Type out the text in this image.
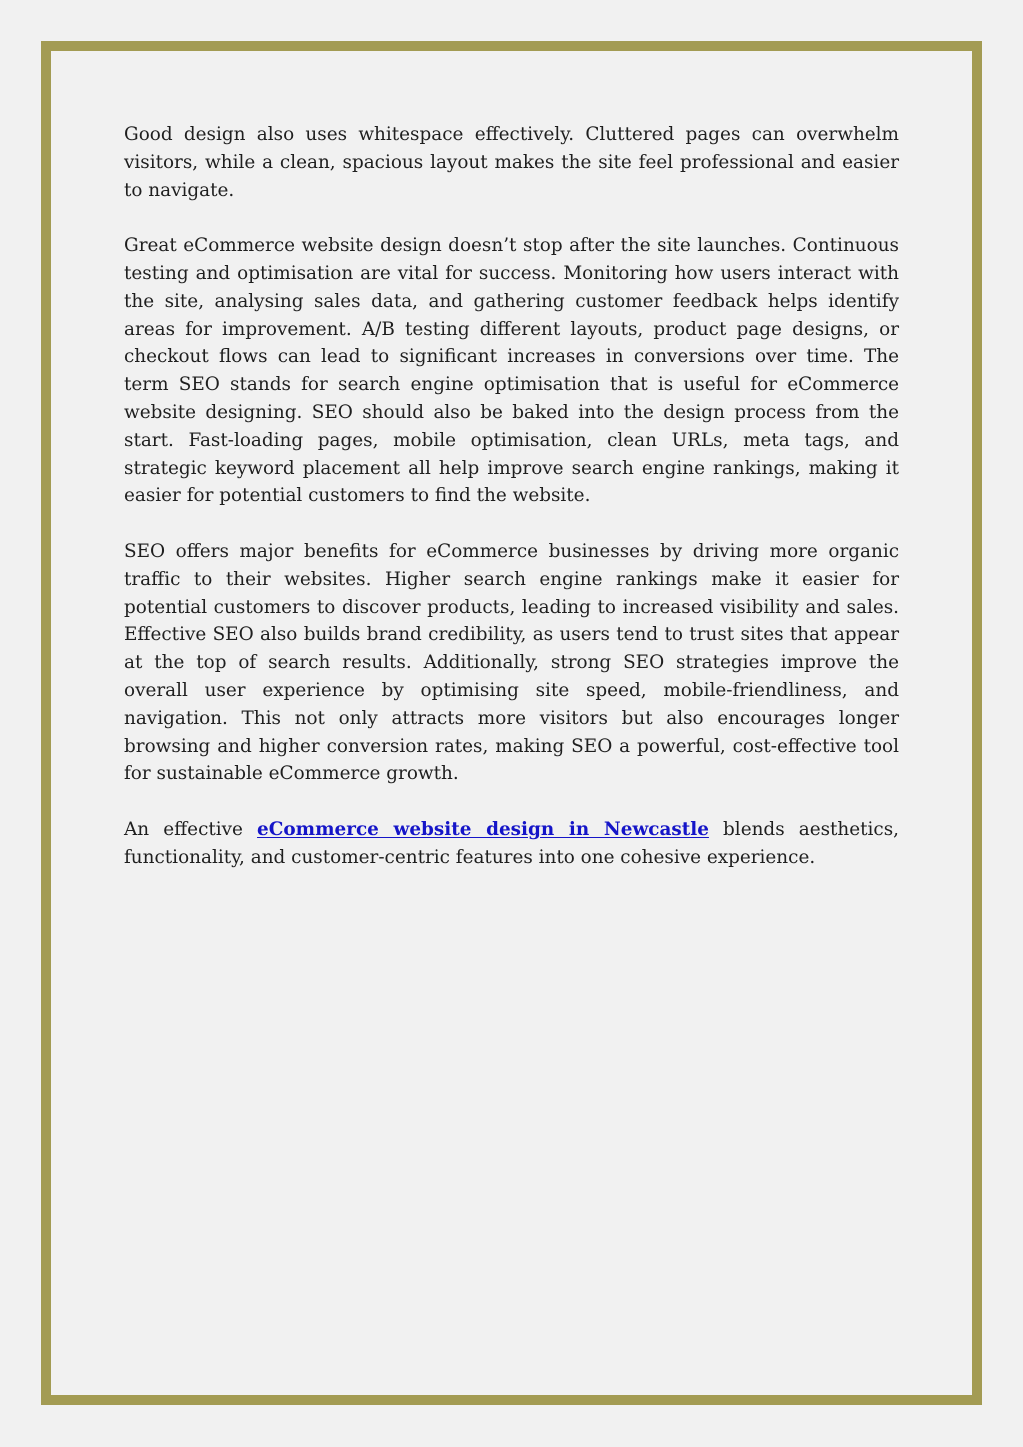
Good design also uses whitespace effectively. Cluttered pages can overwhelm visitors, while a clean, spacious layout makes the site feel professional and easier to navigate.

Great eCommerce website design doesn’t stop after the site launches. Continuous testing and optimisation are vital for success. Monitoring how users interact with the site, analysing sales data, and gathering customer feedback helps identify areas for improvement. A/B testing different layouts, product page designs, or checkout flows can lead to significant increases in conversions over time. The term SEO stands for search engine optimisation that is useful for eCommerce website designing. SEO should also be baked into the design process from the start. Fast-loading pages, mobile optimisation, clean URLs, meta tags, and strategic keyword placement all help improve search engine rankings, making it easier for potential customers to find the website.

SEO offers major benefits for eCommerce businesses by driving more organic traffic to their websites. Higher search engine rankings make it easier for potential customers to discover products, leading to increased visibility and sales. Effective SEO also builds brand credibility, as users tend to trust sites that appear at the top of search results. Additionally, strong SEO strategies improve the overall user experience by optimising site speed, mobile-friendliness, and navigation. This not only attracts more visitors but also encourages longer browsing and higher conversion rates, making SEO a powerful, cost-effective tool for sustainable eCommerce growth.

An effective eCommerce website design in Newcastle blends aesthetics, functionality, and customer-centric features into one cohesive experience.
